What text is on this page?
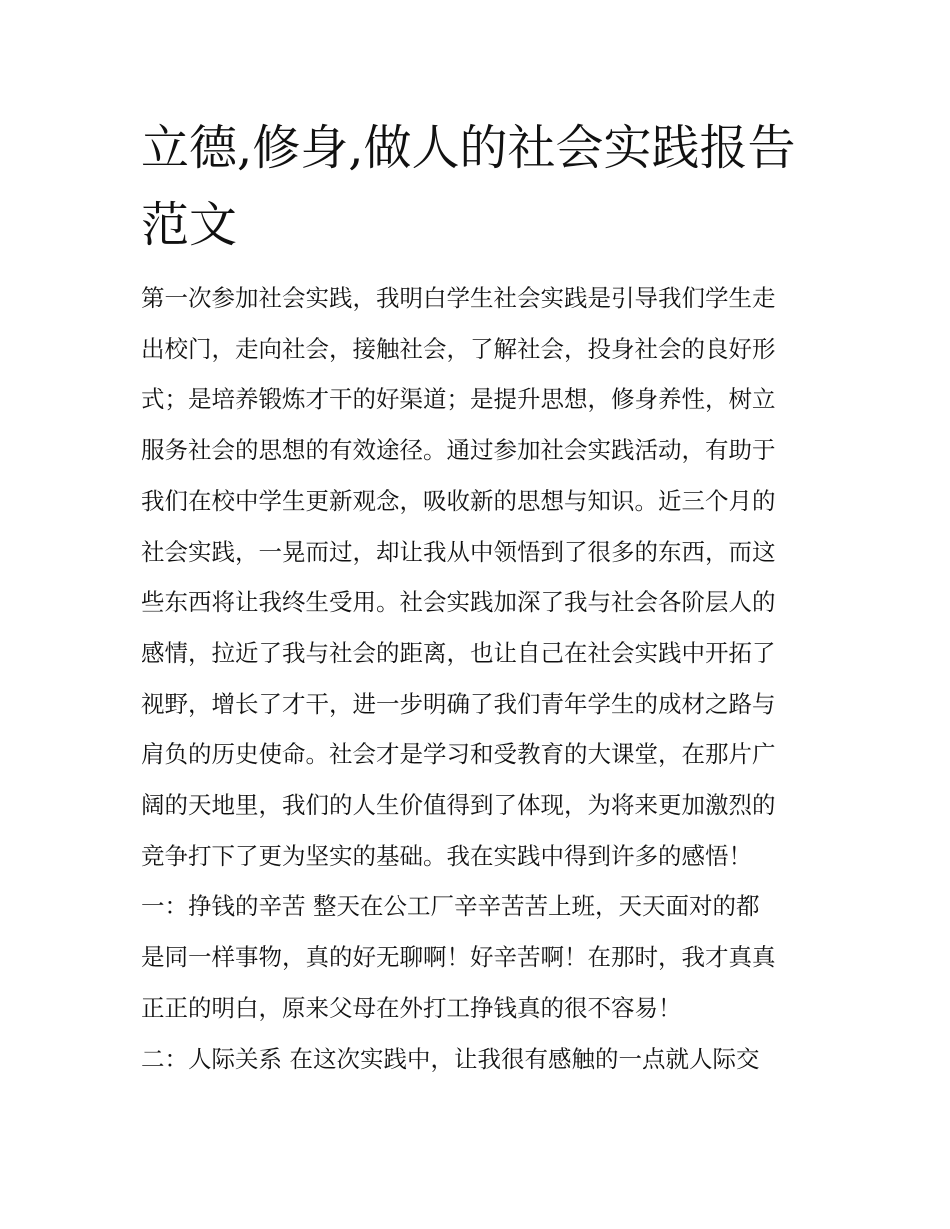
立德,修身,做人的社会实践报告
范文
第一次参加社会实践，我明白学生社会实践是引导我们学生走
出校门，走向社会，接触社会，了解社会，投身社会的良好形
式；是培养锻炼才干的好渠道；是提升思想，修身养性，树立
服务社会的思想的有效途径。通过参加社会实践活动，有助于
我们在校中学生更新观念，吸收新的思想与知识。近三个月的
社会实践，一晃而过，却让我从中领悟到了很多的东西，而这
些东西将让我终生受用。社会实践加深了我与社会各阶层人的
感情，拉近了我与社会的距离，也让自己在社会实践中开拓了
视野，增长了才干，进一步明确了我们青年学生的成材之路与
肩负的历史使命。社会才是学习和受教育的大课堂，在那片广
阔的天地里，我们的人生价值得到了体现，为将来更加激烈的
竞争打下了更为坚实的基础。我在实践中得到许多的感悟！
一：挣钱的辛苦 整天在公工厂辛辛苦苦上班，天天面对的都
是同一样事物，真的好无聊啊！好辛苦啊！在那时，我才真真
正正的明白，原来父母在外打工挣钱真的很不容易！
二：人际关系 在这次实践中，让我很有感触的一点就人际交
